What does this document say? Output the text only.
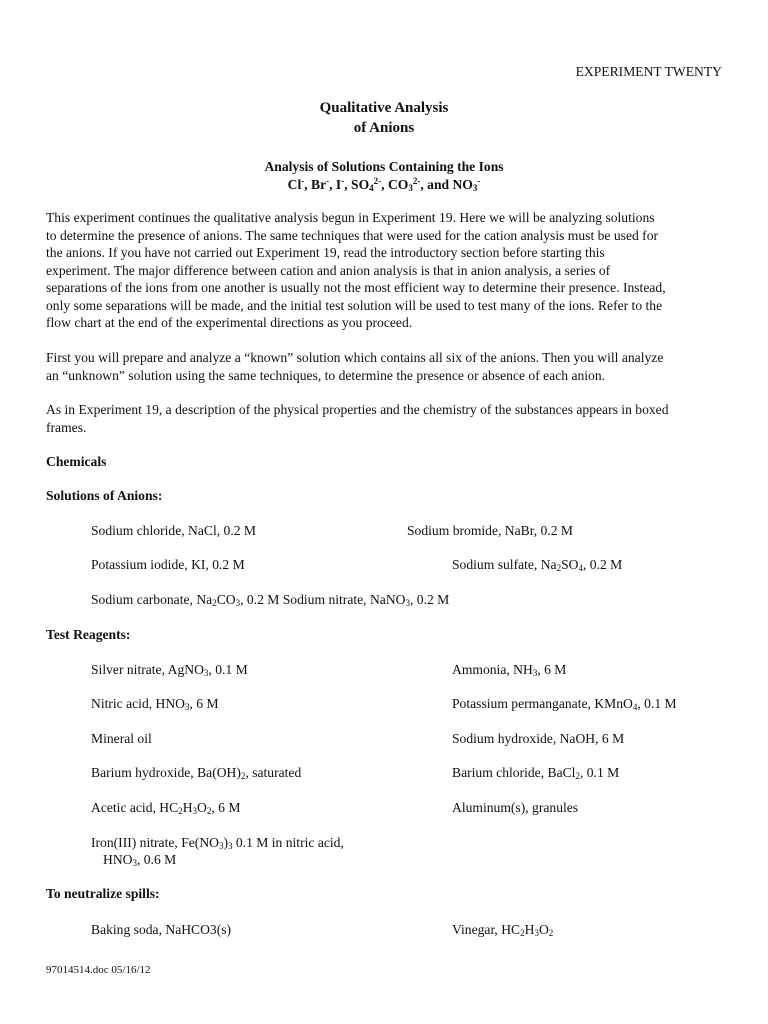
EXPERIMENT TWENTY
Qualitative Analysis
of Anions
Analysis of Solutions Containing the Ions
Cl-, Br-, I-, $SO_4^{2-}$, $CO_3^{2-}$, and $NO_3^-$
This experiment continues the qualitative analysis begun in Experiment 19. Here we will be analyzing solutions
to determine the presence of anions. The same techniques that were used for the cation analysis must be used for
the anions. If you have not carried out Experiment 19, read the introductory section before starting this
experiment. The major difference between cation and anion analysis is that in anion analysis, a series of
separations of the ions from one another is usually not the most efficient way to determine their presence. Instead,
only some separations will be made, and the initial test solution will be used to test many of the ions. Refer to the
flow chart at the end of the experimental directions as you proceed.
First you will prepare and analyze a “known” solution which contains all six of the anions. Then you will analyze
an “unknown” solution using the same techniques, to determine the presence or absence of each anion.
As in Experiment 19, a description of the physical properties and the chemistry of the substances appears in boxed
frames.
Chemicals
Solutions of Anions:
Sodium chloride, NaCl, 0.2 M	Sodium bromide, NaBr, 0.2 M
Potassium iodide, KI, 0.2 M	Sodium sulfate, $Na_2SO_4$, 0.2 M
Sodium carbonate, $Na_2CO_3$, 0.2 M Sodium nitrate, NaNO$_3$, 0.2 M
Test Reagents:
Silver nitrate, AgNO$_3$, 0.1 M	Ammonia, $NH_3$, 6 M
Nitric acid, $HNO_3$, 6 M	Potassium permanganate, KMnO$_4$, 0.1 M
Mineral oil	Sodium hydroxide, NaOH, 6 M
Barium hydroxide, $Ba(OH)_2$, saturated	Barium chloride, BaCl$_2$, 0.1 M
Acetic acid, $HC_2H_3O_2$, 6 M	Aluminum(s), granules
Iron(III) nitrate, $Fe(NO_3)_3$ 0.1 M in nitric acid,
$HNO_3$, 0.6 M
To neutralize spills:
Baking soda, NaHCO3(s)	Vinegar, $HC_2H_3O_2$
97014514.doc 05/16/12
